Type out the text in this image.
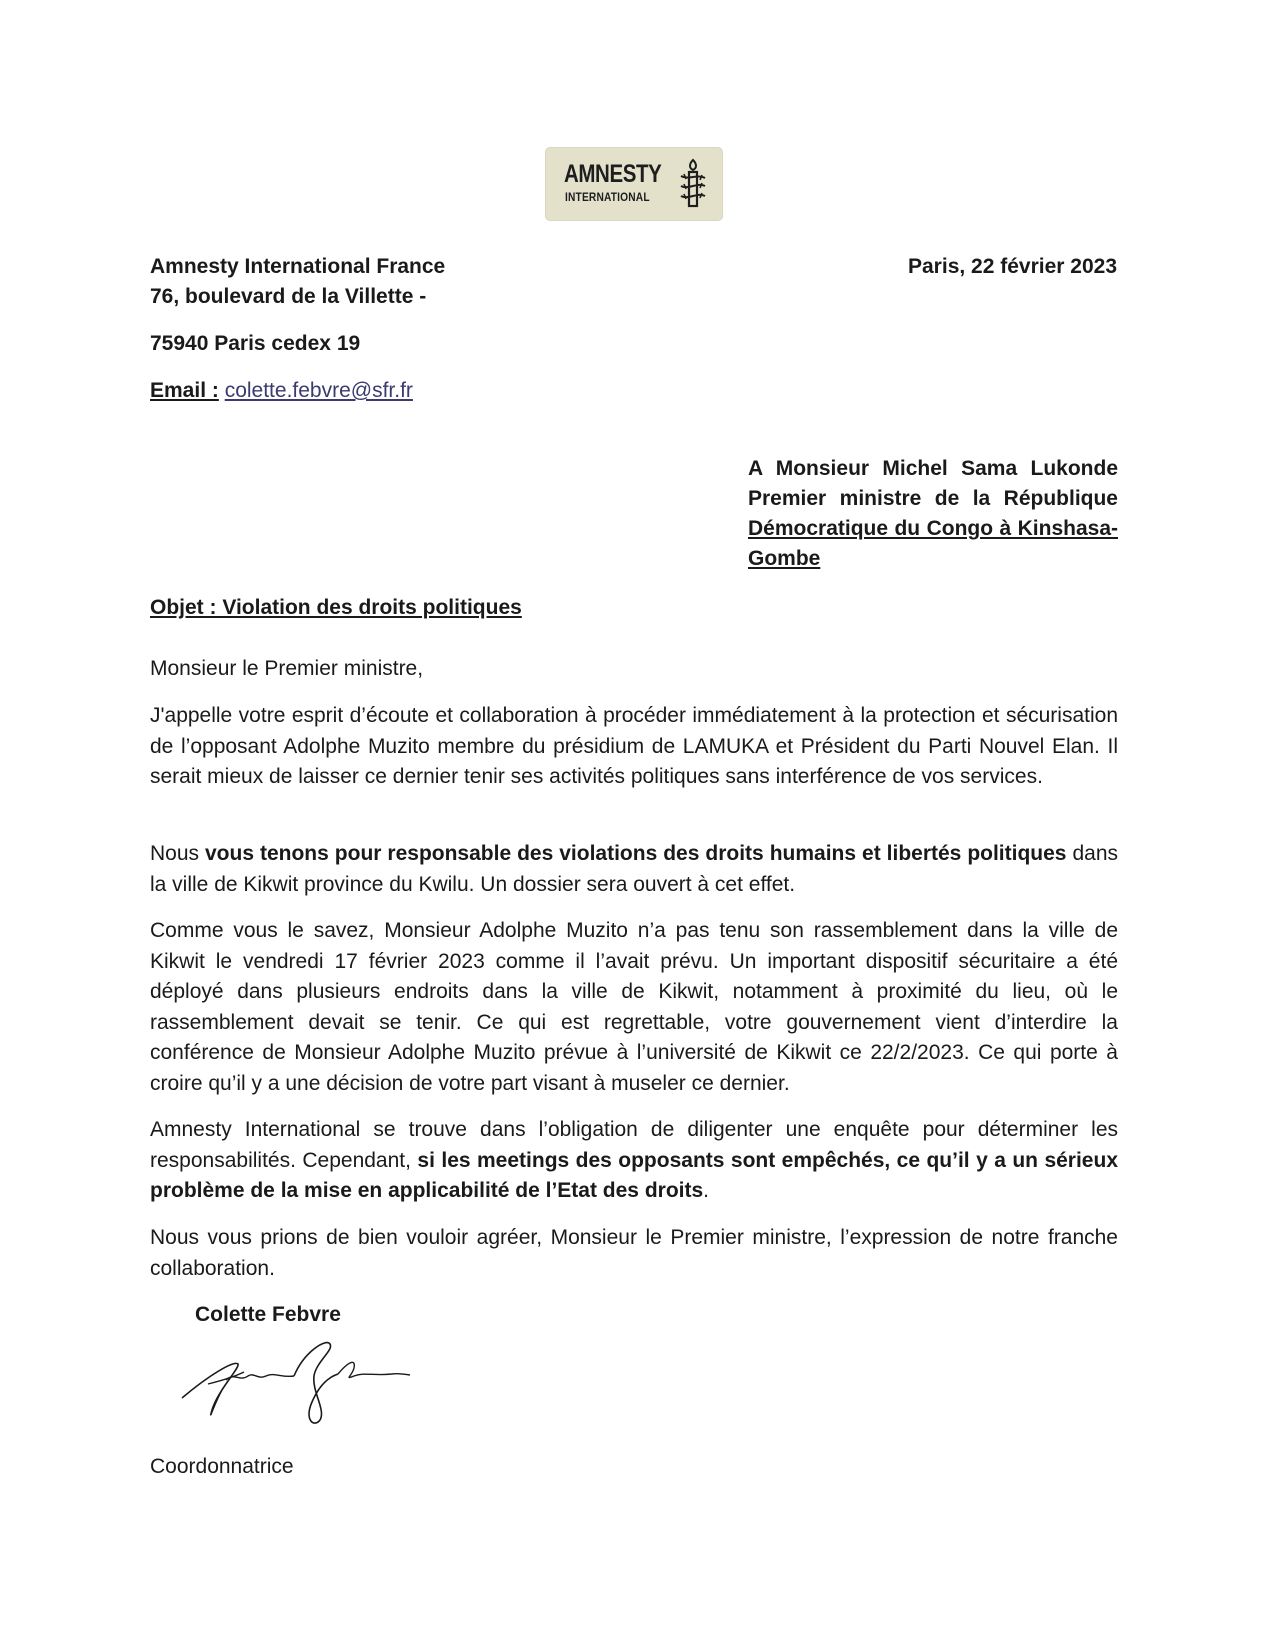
AMNESTY
INTERNATIONAL
Amnesty International France
76, boulevard de la Villette -
Paris, 22 février 2023
75940 Paris cedex 19
Email : colette.febvre@sfr.fr
A Monsieur Michel Sama Lukonde
Premier ministre de la République
Démocratique du Congo à Kinshasa-
Gombe
Objet : Violation des droits politiques
Monsieur le Premier ministre,

J'appelle votre esprit d’écoute et collaboration à procéder immédiatement à la protection et sécurisation de l’opposant Adolphe Muzito membre du présidium de LAMUKA et Président du Parti Nouvel Elan. Il serait mieux de laisser ce dernier tenir ses activités politiques sans interférence de vos services.

Nous vous tenons pour responsable des violations des droits humains et libertés politiques dans la ville de Kikwit province du Kwilu. Un dossier sera ouvert à cet effet.

Comme vous le savez, Monsieur Adolphe Muzito n’a pas tenu son rassemblement dans la ville de Kikwit le vendredi 17 février 2023 comme il l’avait prévu. Un important dispositif sécuritaire a été déployé dans plusieurs endroits dans la ville de Kikwit, notamment à proximité du lieu, où le rassemblement devait se tenir. Ce qui est regrettable, votre gouvernement vient d’interdire la conférence de Monsieur Adolphe Muzito prévue à l’université de Kikwit ce 22/2/2023. Ce qui porte à croire qu’il y a une décision de votre part visant à museler ce dernier.

Amnesty International se trouve dans l’obligation de diligenter une enquête pour déterminer les responsabilités. Cependant, si les meetings des opposants sont empêchés, ce qu’il y a un sérieux problème de la mise en applicabilité de l’Etat des droits.

Nous vous prions de bien vouloir agréer, Monsieur le Premier ministre, l’expression de notre franche collaboration.

Colette Febvre
Coordonnatrice
